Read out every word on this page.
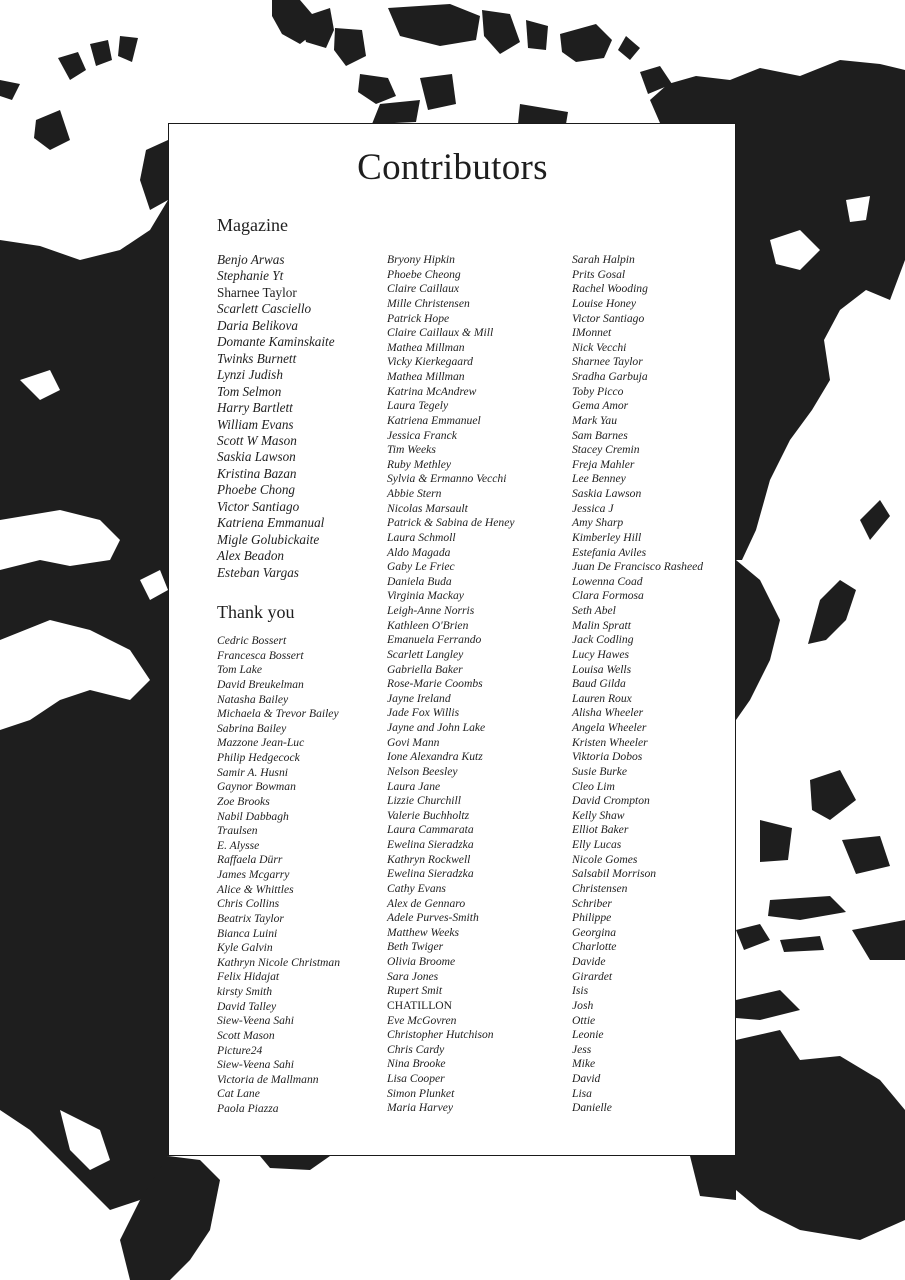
Contributors
Magazine
Benjo Arwas
Stephanie Yt
Sharnee Taylor
Scarlett Casciello
Daria Belikova
Domante Kaminskaite
Twinks Burnett
Lynzi Judish
Tom Selmon
Harry Bartlett
William Evans
Scott W Mason
Saskia Lawson
Kristina Bazan
Phoebe Chong
Victor Santiago
Katriena Emmanual
Migle Golubickaite
Alex Beadon
Esteban Vargas
Thank you
Cedric Bossert
Francesca Bossert
Tom Lake
David Breukelman
Natasha Bailey
Michaela & Trevor Bailey
Sabrina Bailey
Mazzone Jean-Luc
Philip Hedgecock
Samir A. Husni
Gaynor Bowman
Zoe Brooks
Nabil Dabbagh
Traulsen
E. Alysse
Raffaela Dürr
James Mcgarry
Alice & Whittles
Chris Collins
Beatrix Taylor
Bianca Luini
Kyle Galvin
Kathryn Nicole Christman
Felix Hidajat
kirsty Smith
David Talley
Siew-Veena Sahi
Scott Mason
Picture24
Siew-Veena Sahi
Victoria de Mallmann
Cat Lane
Paola Piazza
Bryony Hipkin
Phoebe Cheong
Claire Caillaux
Mille Christensen
Patrick Hope
Claire Caillaux & Mill
Mathea Millman
Vicky Kierkegaard
Mathea Millman
Katrina McAndrew
Laura Tegely
Katriena Emmanuel
Jessica Franck
Tim Weeks
Ruby Methley
Sylvia & Ermanno Vecchi
Abbie Stern
Nicolas Marsault
Patrick & Sabina de Heney
Laura Schmoll
Aldo Magada
Gaby Le Friec
Daniela Buda
Virginia Mackay
Leigh-Anne Norris
Kathleen O'Brien
Emanuela Ferrando
Scarlett Langley
Gabriella Baker
Rose-Marie Coombs
Jayne Ireland
Jade Fox Willis
Jayne and John Lake
Govi Mann
Ione Alexandra Kutz
Nelson Beesley
Laura Jane
Lizzie Churchill
Valerie Buchholtz
Laura Cammarata
Ewelina Sieradzka
Kathryn Rockwell
Ewelina Sieradzka
Cathy Evans
Alex de Gennaro
Adele Purves-Smith
Matthew Weeks
Beth Twiger
Olivia Broome
Sara Jones
Rupert Smit
CHATILLON
Eve McGovren
Christopher Hutchison
Chris Cardy
Nina Brooke
Lisa Cooper
Simon Plunket
Maria Harvey
Sarah Halpin
Prits Gosal
Rachel Wooding
Louise Honey
Victor Santiago
IMonnet
Nick Vecchi
Sharnee Taylor
Sradha Garbuja
Toby Picco
Gema Amor
Mark Yau
Sam Barnes
Stacey Cremin
Freja Mahler
Lee Benney
Saskia Lawson
Jessica J
Amy Sharp
Kimberley Hill
Estefania Aviles
Juan De Francisco Rasheed
Lowenna Coad
Clara Formosa
Seth Abel
Malin Spratt
Jack Codling
Lucy Hawes
Louisa Wells
Baud Gilda
Lauren Roux
Alisha Wheeler
Angela Wheeler
Kristen Wheeler
Viktoria Dobos
Susie Burke
Cleo Lim
David Crompton
Kelly Shaw
Elliot Baker
Elly Lucas
Nicole Gomes
Salsabil Morrison
Christensen
Schriber
Philippe
Georgina
Charlotte
Davide
Girardet
Isis
Josh
Ottie
Leonie
Jess
Mike
David
Lisa
Danielle
